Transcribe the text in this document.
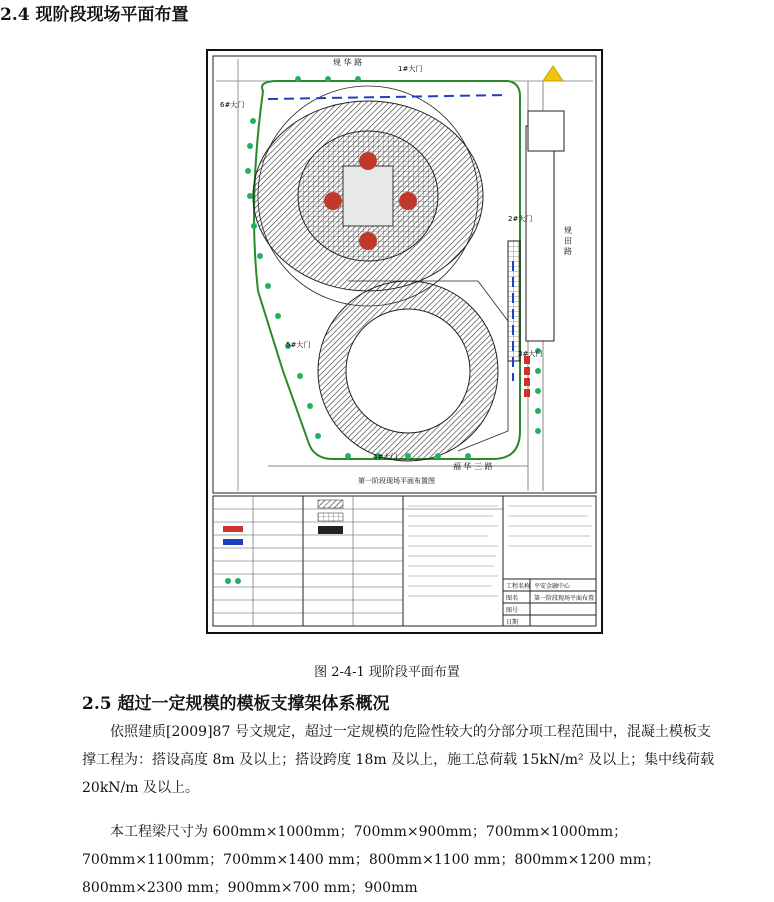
2.4 现阶段现场平面布置
规 华 路
规 田 路
福 华 三 路
1#大门
2#大门
3#大门
4#大门
5#大门
6#大门
第一阶段现场平面布置图
工程名称
图名
图号
日期
平安金融中心
第一阶段现场平面布置
图 2-4-1 现阶段平面布置
2.5 超过一定规模的模板支撑架体系概况
依照建质[2009]87 号文规定，超过一定规模的危险性较大的分部分项工程范围中，混凝土模板支撑工程为：搭设高度 8m 及以上；搭设跨度 18m 及以上，施工总荷载 15kN/m² 及以上；集中线荷载 20kN/m 及以上。
本工程梁尺寸为 600mm×1000mm；700mm×900mm；700mm×1000mm；700mm×1100mm；700mm×1400 mm；800mm×1100 mm；800mm×1200 mm；800mm×2300 mm；900mm×700 mm；900mm
